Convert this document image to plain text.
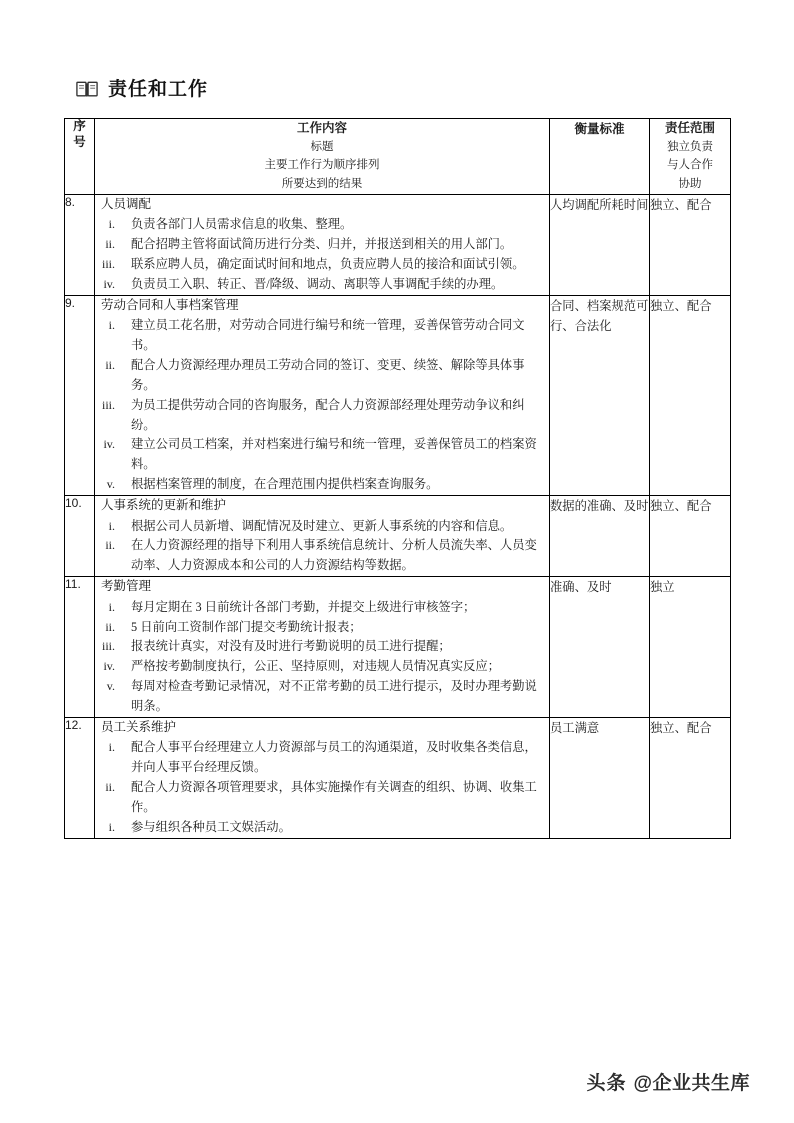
责任和工作
序
号

工作内容
标题
主要工作行为顺序排列
所要达到的结果
	衡量标准	责任范围
独立负责
与人合作
协助

8.	人员调配
i.	负责各部门人员需求信息的收集、整理。
ii.	配合招聘主管将面试简历进行分类、归并，并报送到相关的用人部门。
iii.	联系应聘人员，确定面试时间和地点，负责应聘人员的接洽和面试引领。
iv.	负责员工入职、转正、晋/降级、调动、离职等人事调配手续的办理。
	人均调配所耗时间	独立、配合
9.	劳动合同和人事档案管理
i.	建立员工花名册，对劳动合同进行编号和统一管理，妥善保管劳动合同文书。
ii.	配合人力资源经理办理员工劳动合同的签订、变更、续签、解除等具体事务。
iii.	为员工提供劳动合同的咨询服务，配合人力资源部经理处理劳动争议和纠纷。
iv.	建立公司员工档案，并对档案进行编号和统一管理，妥善保管员工的档案资料。
v.	根据档案管理的制度，在合理范围内提供档案查询服务。
	合同、档案规范可行、合法化	独立、配合
10.	人事系统的更新和维护
i.	根据公司人员新增、调配情况及时建立、更新人事系统的内容和信息。
ii.	在人力资源经理的指导下利用人事系统信息统计、分析人员流失率、人员变动率、人力资源成本和公司的人力资源结构等数据。
	数据的准确、及时	独立、配合
11.	考勤管理
i.	每月定期在 3 日前统计各部门考勤，并提交上级进行审核签字；
ii.	5 日前向工资制作部门提交考勤统计报表；
iii.	报表统计真实，对没有及时进行考勤说明的员工进行提醒；
iv.	严格按考勤制度执行，公正、坚持原则，对违规人员情况真实反应；
v.	每周对检查考勤记录情况，对不正常考勤的员工进行提示，及时办理考勤说明条。
	准确、及时	独立
12.	员工关系维护
i.	配合人事平台经理建立人力资源部与员工的沟通渠道，及时收集各类信息，并向人事平台经理反馈。
ii.	配合人力资源各项管理要求，具体实施操作有关调查的组织、协调、收集工作。
i.	参与组织各种员工文娱活动。
	员工满意	独立、配合
头条 @企业共生库
